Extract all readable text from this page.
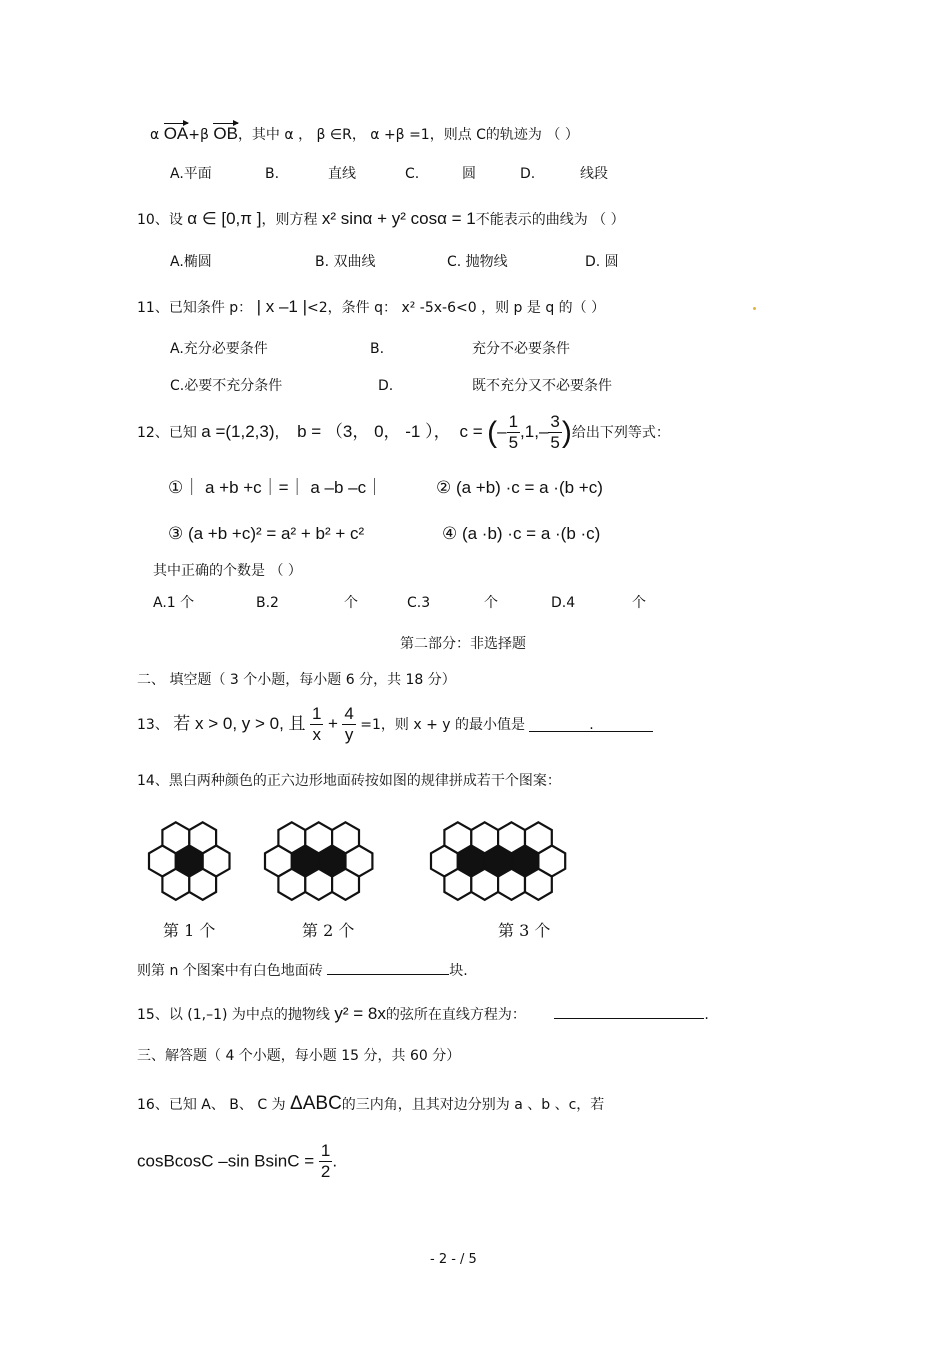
α OA+β OB，其中 α ， β ∈R， α +β =1，则点 C的轨迹为 （ ）
A.平面	B.	直线	C.	圆	D.	线段
10、设 α ∈ [0,π ]，则方程 x² sinα + y² cosα = 1不能表示的曲线为 （ ）
A.椭圆	B. 双曲线	C. 抛物线	D. 圆
11、已知条件 p： | x –1 |<2，条件 q： x² -5x-6<0 ，则 p 是 q 的（ ）
A.充分必要条件	B.	充分不必要条件
C.必要不充分条件	D.	既不充分又不必要条件
12、已知 a =(1,2,3), b = （3， 0， -1 ）， c = (– $\frac{1}{5} ,1,- \frac{3}{5}$ )给出下列等式：
①｜ a +b +c｜=｜ a –b –c｜	② (a +b) ·c = a ·(b +c)
③ (a +b +c)² = a² + b² + c²	④ (a ·b) ·c = a ·(b ·c)
其中正确的个数是 （ ）
A.1 个	B.2	个	C.3	个	D.4	个
第二部分：非选择题
二、 填空题（ 3 个小题，每小题 6 分，共 18 分）
13、 若 x > 0, y > 0, 且 $\frac{1}{x} + \frac{4}{y} =1$，则 x + y 的最小值是	.
14、黑白两种颜色的正六边形地面砖按如图的规律拼成若干个图案：
第 1 个	第 2 个	第 3 个
则第 n 个图案中有白色地面砖	块.
15、以 (1,–1) 为中点的抛物线 y² = 8x的弦所在直线方程为：	.
三、解答题（ 4 个小题，每小题 15 分，共 60 分）
16、已知 A、 B、 C 为 ΔABC的三内角，且其对边分别为 a 、b 、c，若
cosBcosC –sin $BsinC = \frac{1}{2}$ .
- 2 - / 5
